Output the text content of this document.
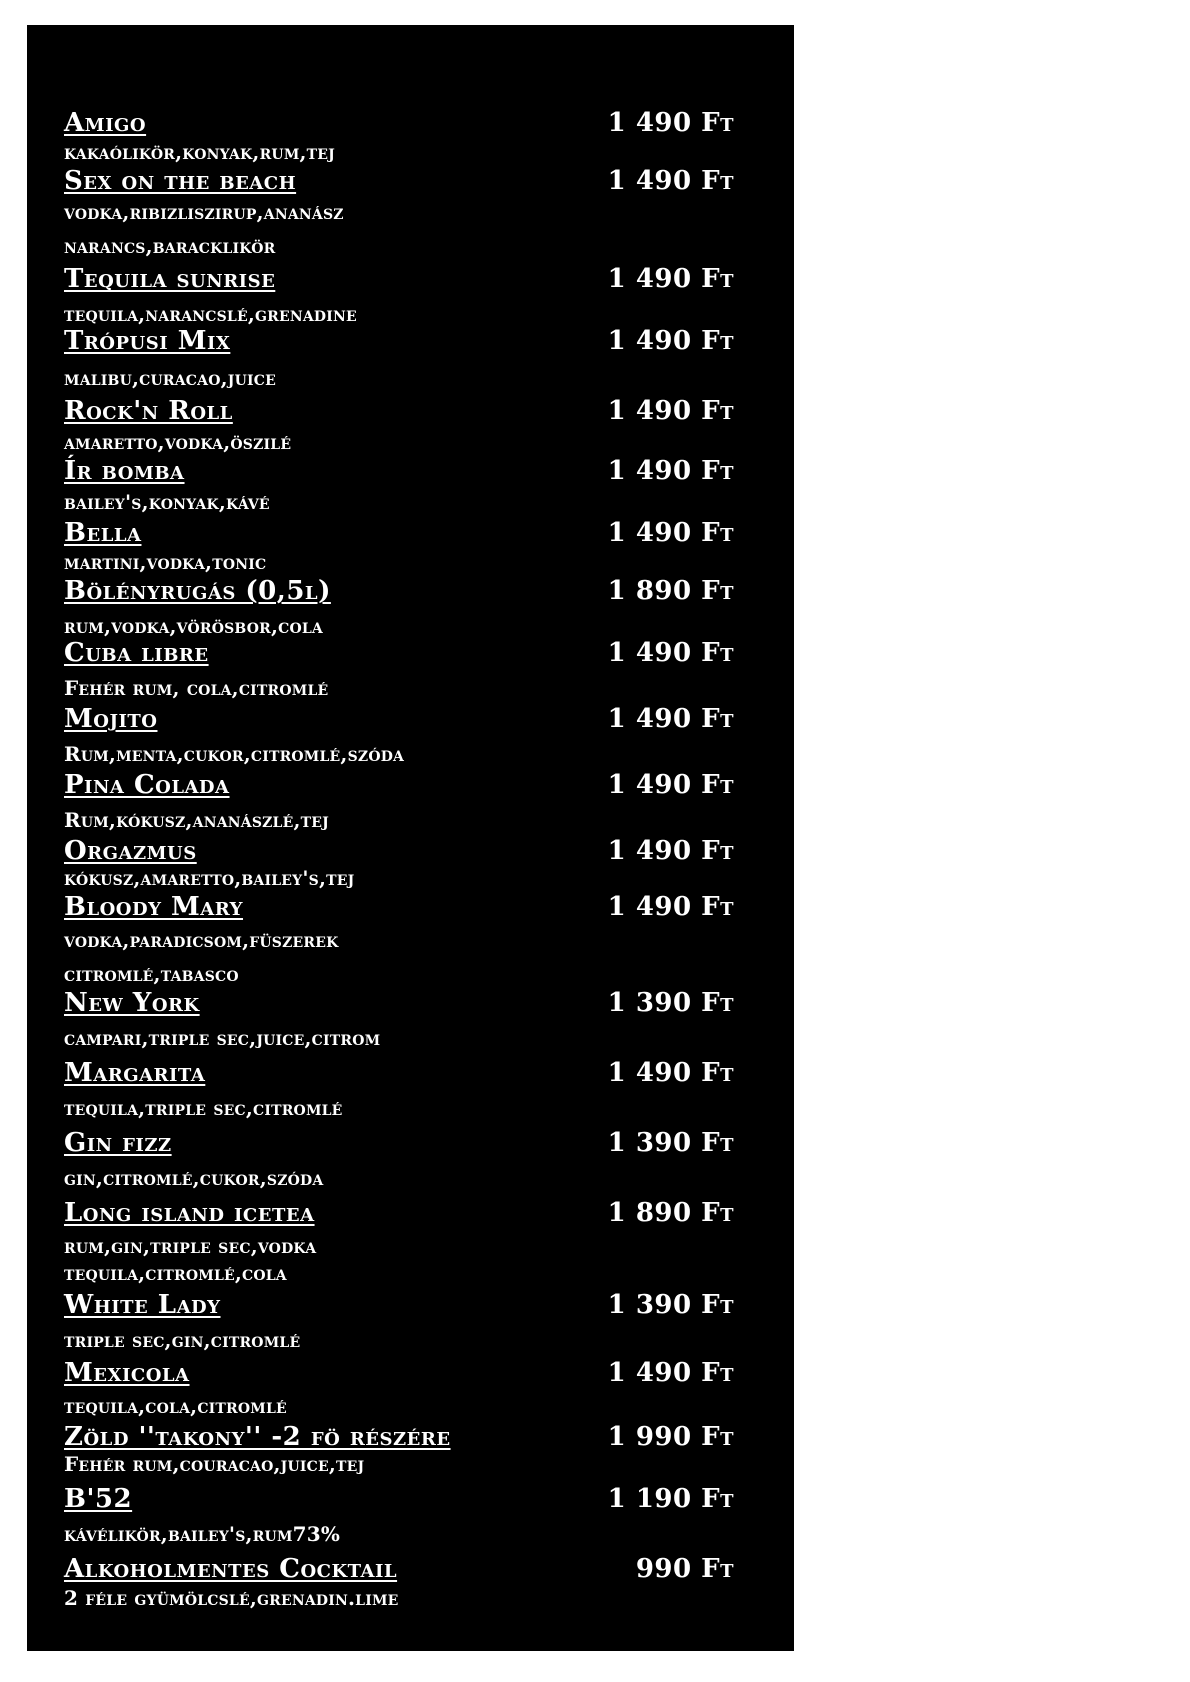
Amigo	1 490 Ft
kakaólikör,konyak,rum,tej
Sex on the beach	1 490 Ft
vodka,ribizliszirup,ananász
narancs,baracklikör
Tequila sunrise	1 490 Ft
tequila,narancslé,grenadine
Trópusi Mix	1 490 Ft
malibu,curacao,juice
Rock'n Roll	1 490 Ft
amaretto,vodka,öszilé
Ír bomba	1 490 Ft
bailey's,konyak,kávé
Bella	1 490 Ft
martini,vodka,tonic
Bölényrugás (0,5l)	1 890 Ft
rum,vodka,vörösbor,cola
Cuba libre	1 490 Ft
Fehér rum, cola,citromlé
Mojito	1 490 Ft
Rum,menta,cukor,citromlé,szóda
Pina Colada	1 490 Ft
Rum,kókusz,ananászlé,tej
Orgazmus	1 490 Ft
kókusz,amaretto,bailey's,tej
Bloody Mary	1 490 Ft
vodka,paradicsom,füszerek
citromlé,tabasco
New York	1 390 Ft
campari,triple sec,juice,citrom
Margarita	1 490 Ft
tequila,triple sec,citromlé
Gin fizz	1 390 Ft
gin,citromlé,cukor,szóda
Long island icetea	1 890 Ft
rum,gin,triple sec,vodka
tequila,citromlé,cola
White Lady	1 390 Ft
triple sec,gin,citromlé
Mexicola	1 490 Ft
tequila,cola,citromlé
Zöld ''takony'' -2 fö részére	1 990 Ft
Fehér rum,couracao,juice,tej
B'52	1 190 Ft
kávélikör,bailey's,rum73%
Alkoholmentes Cocktail	990 Ft
2 féle gyümölcslé,grenadin.lime
